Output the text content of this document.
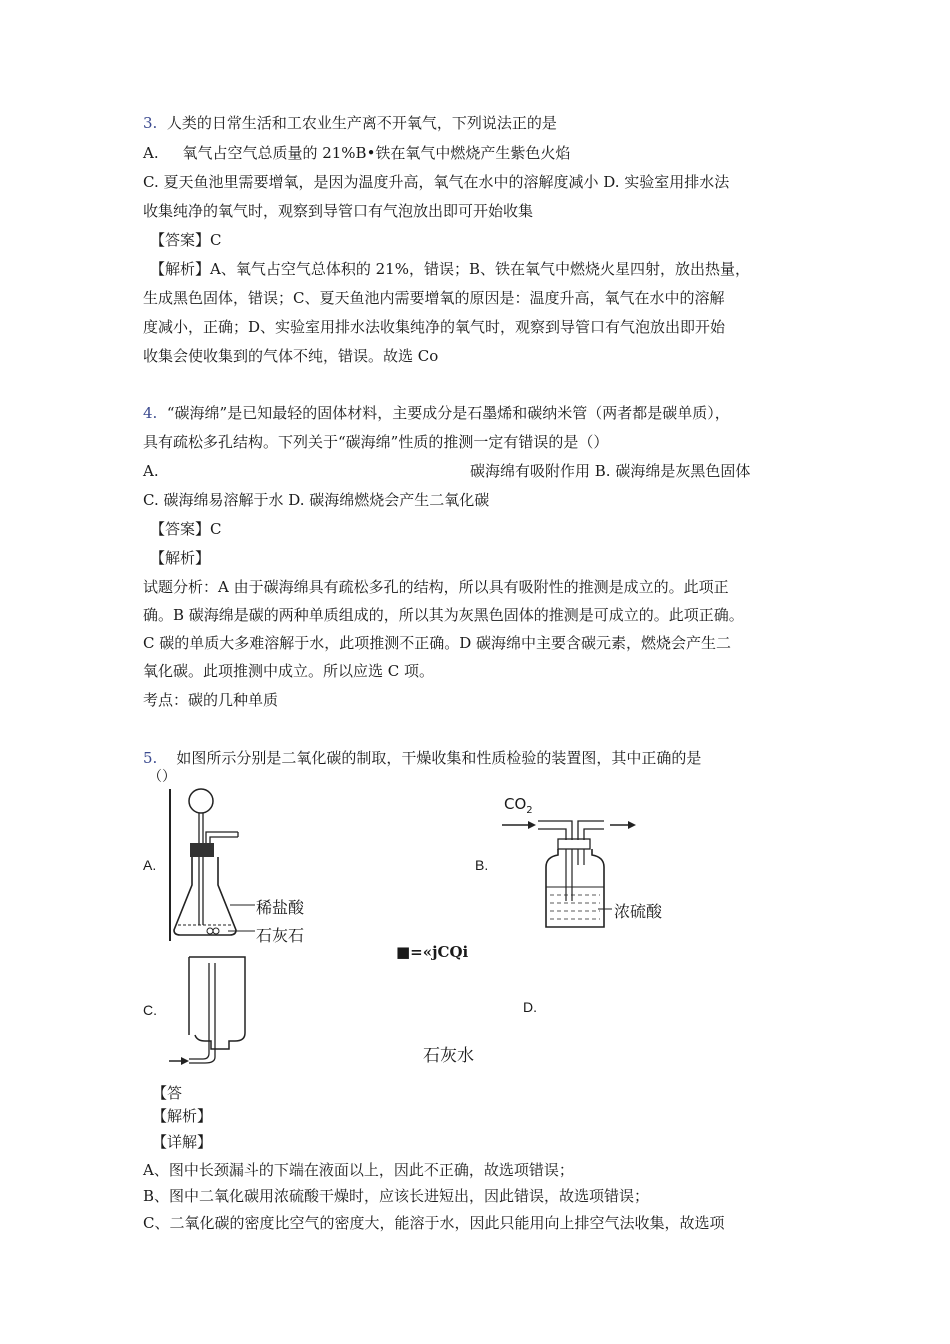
3. 人类的日常生活和工农业生产离不开氧气，下列说法正的是
A.     氧气占空气总质量的 21%B•铁在氧气中燃烧产生紫色火焰
C. 夏天鱼池里需要增氧，是因为温度升高，氧气在水中的溶解度减小 D. 实验室用排水法
收集纯净的氧气时，观察到导管口有气泡放出即可开始收集
【答案】C
【解析】A、氧气占空气总体积的 21%，错误；B、铁在氧气中燃烧火星四射，放出热量，
生成黑色固体，错误；C、夏天鱼池内需要增氧的原因是：温度升高，氧气在水中的溶解
度减小，正确；D、实验室用排水法收集纯净的氧气时，观察到导管口有气泡放出即开始
收集会使收集到的气体不纯，错误。故选 Co
4. “碳海绵”是已知最轻的固体材料，主要成分是石墨烯和碳纳米管（两者都是碳单质），
具有疏松多孔结构。下列关于“碳海绵”性质的推测一定有错误的是（）
A.	碳海绵有吸附作用 B. 碳海绵是灰黑色固体
C. 碳海绵易溶解于水 D. 碳海绵燃烧会产生二氧化碳
【答案】C
【解析】
试题分析：A 由于碳海绵具有疏松多孔的结构，所以具有吸附性的推测是成立的。此项正
确。B 碳海绵是碳的两种单质组成的，所以其为灰黑色固体的推测是可成立的。此项正确。
C 碳的单质大多难溶解于水，此项推测不正确。D 碳海绵中主要含碳元素，燃烧会产生二
氧化碳。此项推测中成立。所以应选 C 项。
考点：碳的几种单质
5. 如图所示分别是二氧化碳的制取，干燥收集和性质检验的装置图，其中正确的是
（）
A.	B.
C.	D.
稀盐酸
石灰石
$CO_2$
浓硫酸
■=«jCQi
石灰水
【答
【解析】
【详解】
A、图中长颈漏斗的下端在液面以上，因此不正确，故选项错误；
B、图中二氧化碳用浓硫酸干燥时，应该长进短出，因此错误，故选项错误；
C、二氧化碳的密度比空气的密度大，能溶于水，因此只能用向上排空气法收集，故选项
